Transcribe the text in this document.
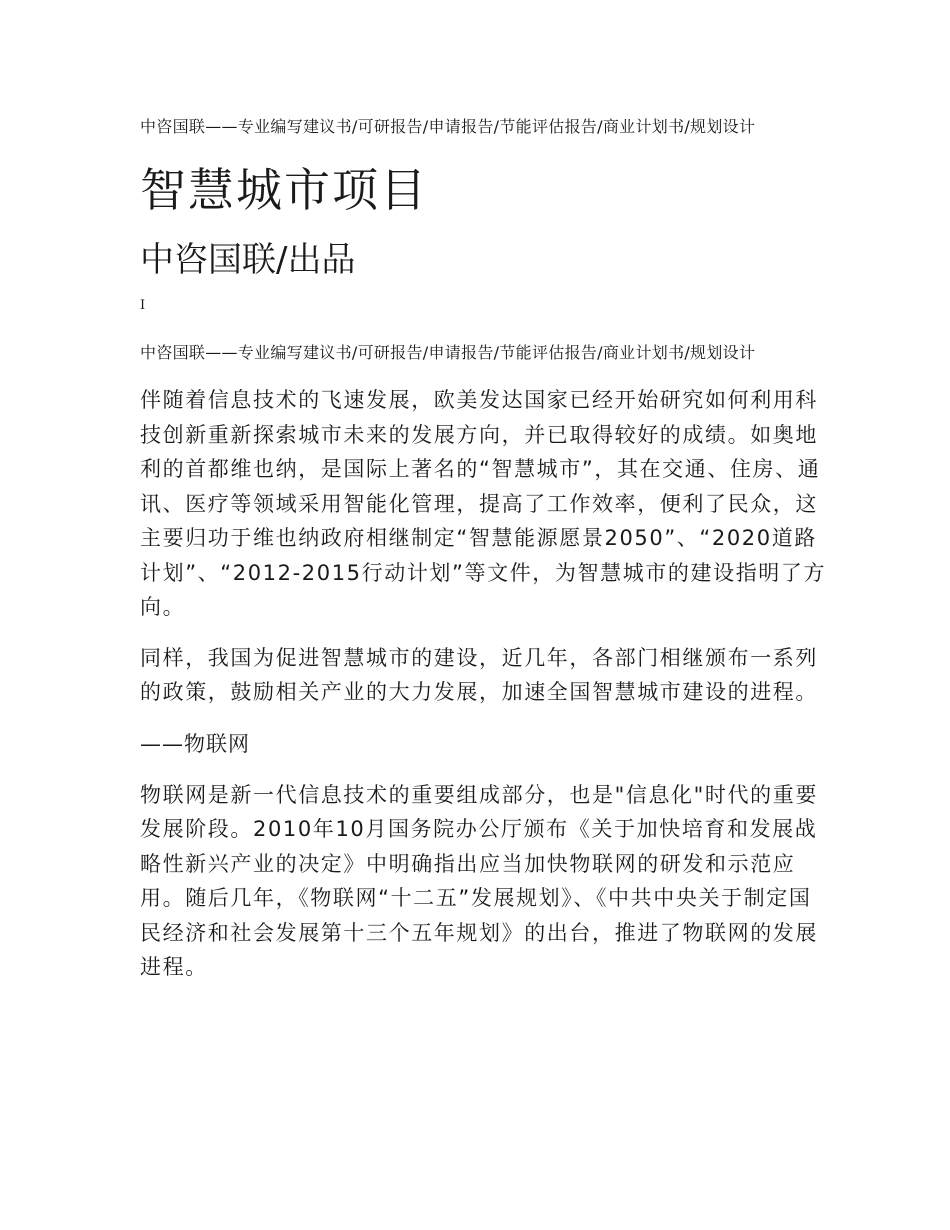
中咨国联——专业编写建议书/可研报告/申请报告/节能评估报告/商业计划书/规划设计
智慧城市项目
中咨国联/出品
I
中咨国联——专业编写建议书/可研报告/申请报告/节能评估报告/商业计划书/规划设计

伴随着信息技术的飞速发展，欧美发达国家已经开始研究如何利用科技创新重新探索城市未来的发展方向，并已取得较好的成绩。如奥地利的首都维也纳，是国际上著名的“智慧城市”，其在交通、住房、通讯、医疗等领域采用智能化管理，提高了工作效率，便利了民众，这主要归功于维也纳政府相继制定“智慧能源愿景2050”、“2020道路计划”、“2012-2015行动计划”等文件，为智慧城市的建设指明了方向。

同样，我国为促进智慧城市的建设，近几年，各部门相继颁布一系列的政策，鼓励相关产业的大力发展，加速全国智慧城市建设的进程。

——物联网

物联网是新一代信息技术的重要组成部分，也是"信息化"时代的重要发展阶段。2010年10月国务院办公厅颁布《关于加快培育和发展战略性新兴产业的决定》中明确指出应当加快物联网的研发和示范应用。随后几年，《物联网“十二五”发展规划》、《中共中央关于制定国民经济和社会发展第十三个五年规划》的出台，推进了物联网的发展进程。
